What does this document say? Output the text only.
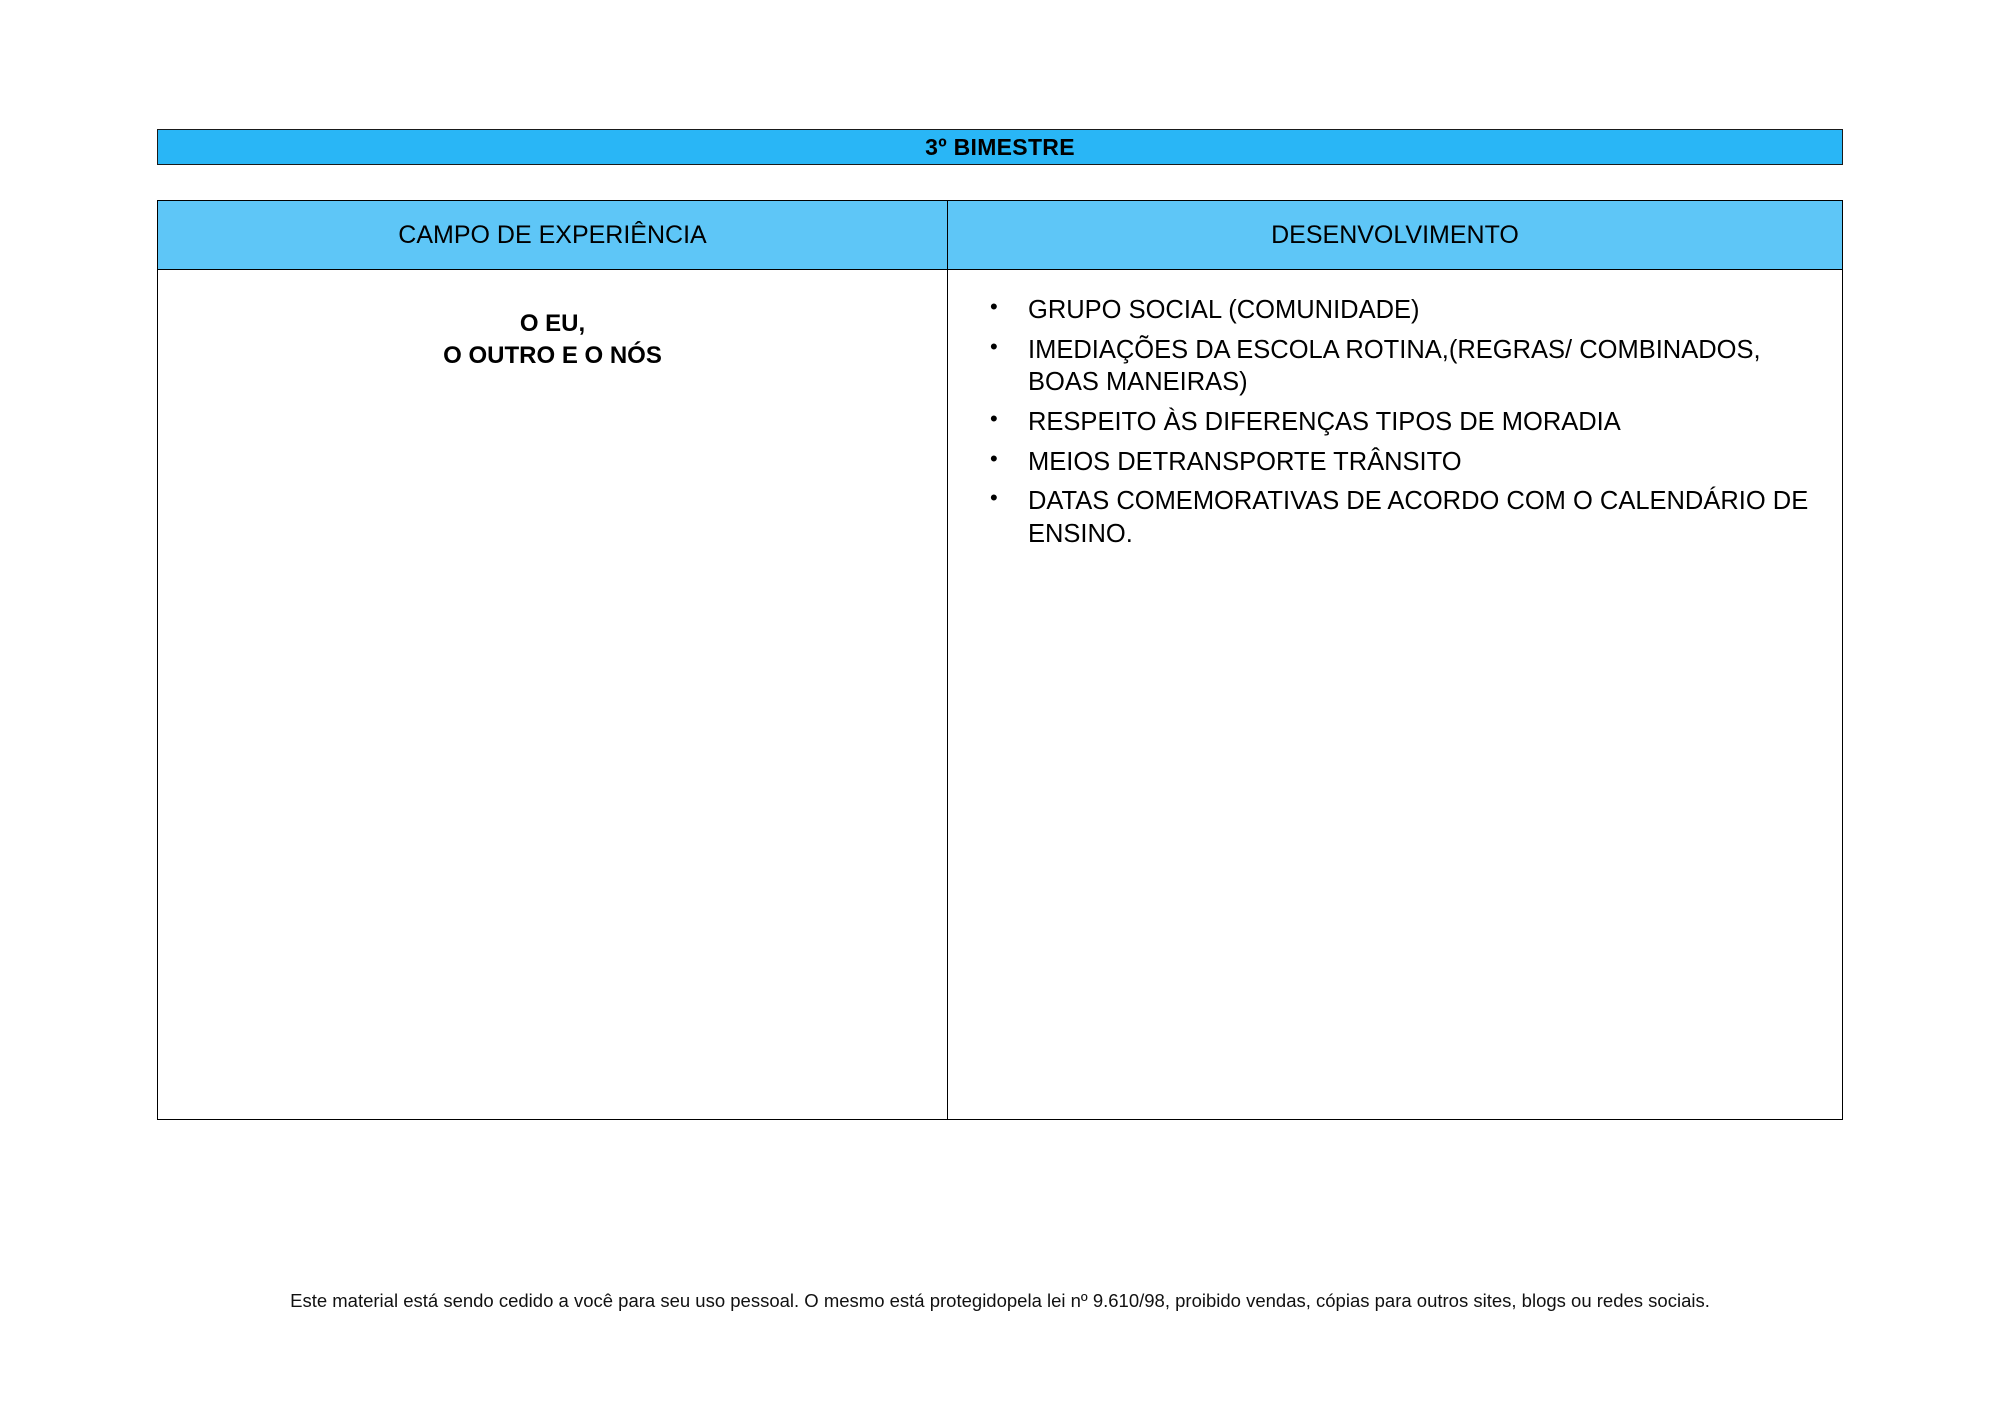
3º BIMESTRE
CAMPO DE EXPERIÊNCIA	DESENVOLVIMENTO
O EU,
O OUTRO E O NÓS
• GRUPO SOCIAL (COMUNIDADE)
• IMEDIAÇÕES DA ESCOLA ROTINA,(REGRAS/ COMBINADOS, BOAS MANEIRAS)
• RESPEITO ÀS DIFERENÇAS TIPOS DE MORADIA
• MEIOS DETRANSPORTE TRÂNSITO
• DATAS COMEMORATIVAS DE ACORDO COM O CALENDÁRIO DE ENSINO.
Este material está sendo cedido a você para seu uso pessoal. O mesmo está protegidopela lei nº 9.610/98, proibido vendas, cópias para outros sites, blogs ou redes sociais.
